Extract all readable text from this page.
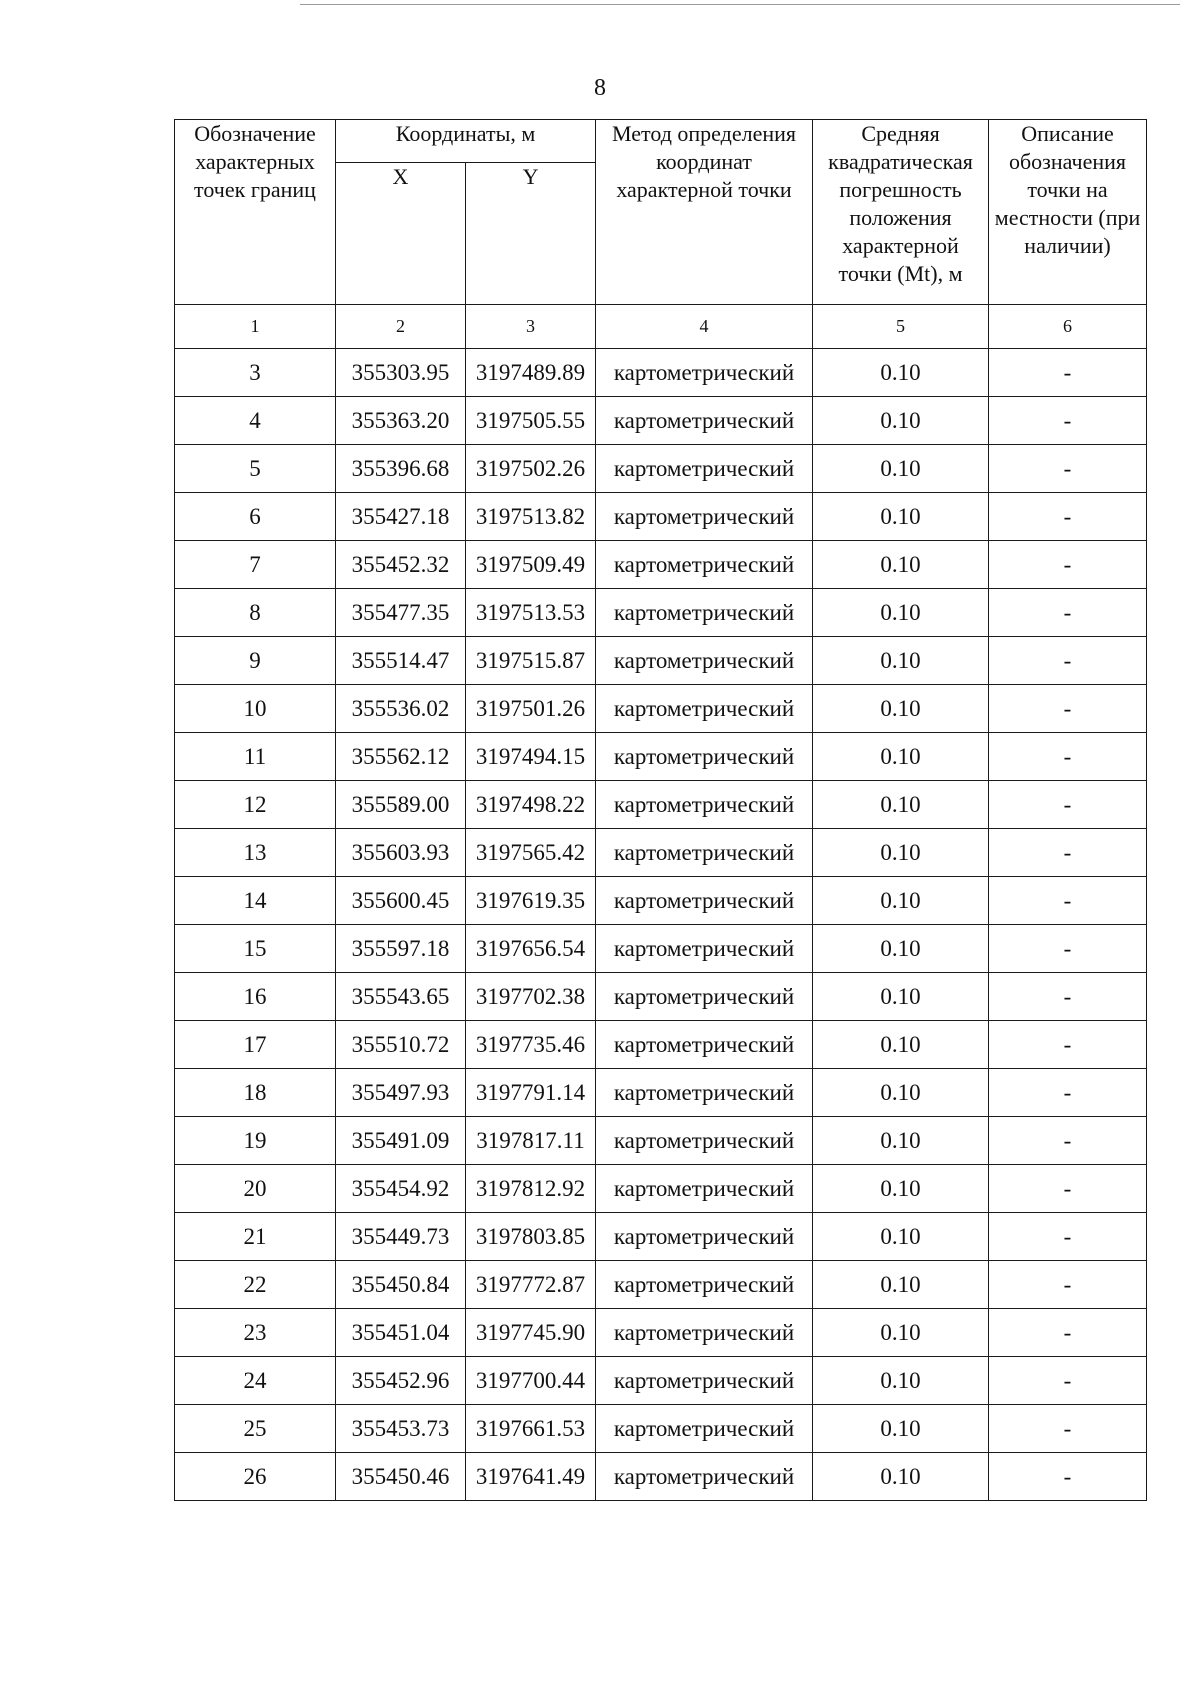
8
Обозначение характерных точек границ	Координаты, м		Метод определения координат характерной точки	Средняя квадратическая погрешность положения характерной точки (Mt), м	Описание обозначения точки на местности (при наличии)
	X	Y			
1	2	3	4	5	6
3	355303.95	3197489.89	картометрический	0.10	-
4	355363.20	3197505.55	картометрический	0.10	-
5	355396.68	3197502.26	картометрический	0.10	-
6	355427.18	3197513.82	картометрический	0.10	-
7	355452.32	3197509.49	картометрический	0.10	-
8	355477.35	3197513.53	картометрический	0.10	-
9	355514.47	3197515.87	картометрический	0.10	-
10	355536.02	3197501.26	картометрический	0.10	-
11	355562.12	3197494.15	картометрический	0.10	-
12	355589.00	3197498.22	картометрический	0.10	-
13	355603.93	3197565.42	картометрический	0.10	-
14	355600.45	3197619.35	картометрический	0.10	-
15	355597.18	3197656.54	картометрический	0.10	-
16	355543.65	3197702.38	картометрический	0.10	-
17	355510.72	3197735.46	картометрический	0.10	-
18	355497.93	3197791.14	картометрический	0.10	-
19	355491.09	3197817.11	картометрический	0.10	-
20	355454.92	3197812.92	картометрический	0.10	-
21	355449.73	3197803.85	картометрический	0.10	-
22	355450.84	3197772.87	картометрический	0.10	-
23	355451.04	3197745.90	картометрический	0.10	-
24	355452.96	3197700.44	картометрический	0.10	-
25	355453.73	3197661.53	картометрический	0.10	-
26	355450.46	3197641.49	картометрический	0.10	-
